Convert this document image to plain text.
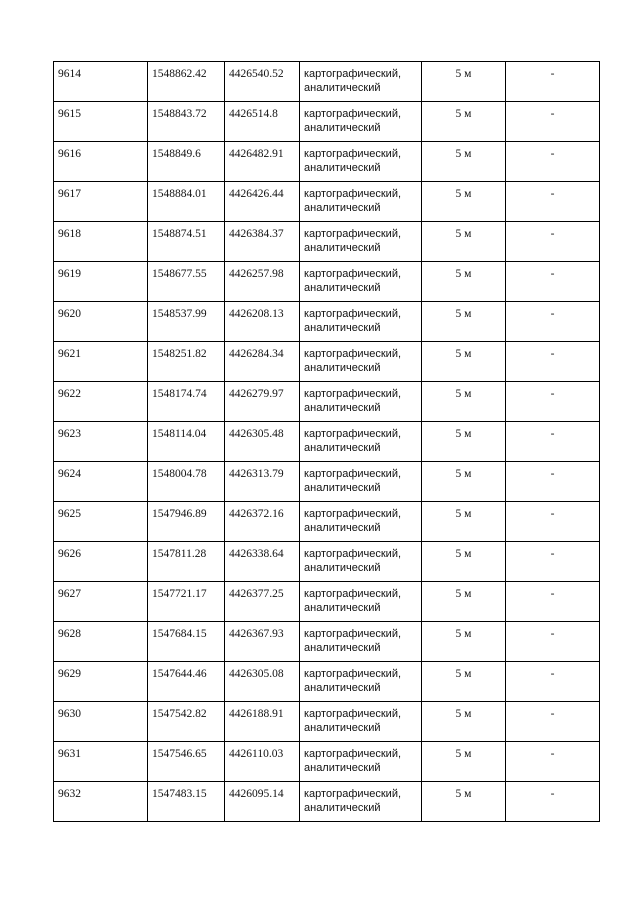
9614	1548862.42	4426540.52	картографический, аналитический	5 м	-

9615	1548843.72	4426514.8	картографический, аналитический	5 м	-

9616	1548849.6	4426482.91	картографический, аналитический	5 м	-

9617	1548884.01	4426426.44	картографический, аналитический	5 м	-

9618	1548874.51	4426384.37	картографический, аналитический	5 м	-

9619	1548677.55	4426257.98	картографический, аналитический	5 м	-

9620	1548537.99	4426208.13	картографический, аналитический	5 м	-

9621	1548251.82	4426284.34	картографический, аналитический	5 м	-

9622	1548174.74	4426279.97	картографический, аналитический	5 м	-

9623	1548114.04	4426305.48	картографический, аналитический	5 м	-

9624	1548004.78	4426313.79	картографический, аналитический	5 м	-

9625	1547946.89	4426372.16	картографический, аналитический	5 м	-

9626	1547811.28	4426338.64	картографический, аналитический	5 м	-

9627	1547721.17	4426377.25	картографический, аналитический	5 м	-

9628	1547684.15	4426367.93	картографический, аналитический	5 м	-

9629	1547644.46	4426305.08	картографический, аналитический	5 м	-

9630	1547542.82	4426188.91	картографический, аналитический	5 м	-

9631	1547546.65	4426110.03	картографический, аналитический	5 м	-

9632	1547483.15	4426095.14	картографический, аналитический	5 м	-
